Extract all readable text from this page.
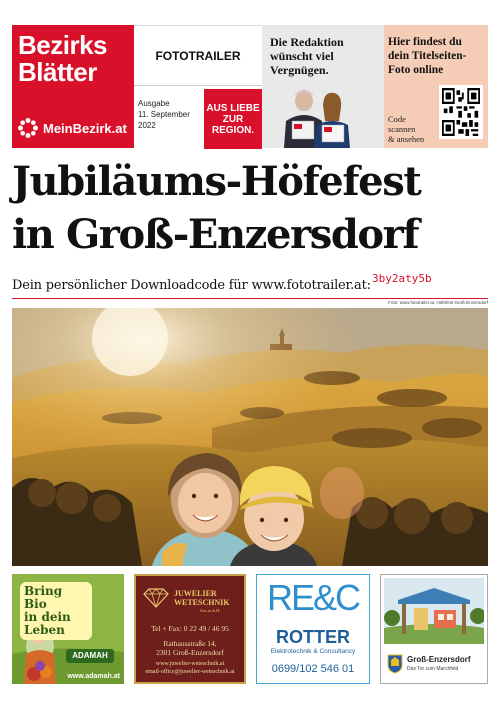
Bezirks
Blätter
MeinBezirk.at
FOTOTRAILER
Ausgabe
11. September
2022
AUS LIEBE
ZUR
REGION.
Die Redaktion
wünscht viel
Vergnügen.
Hier findest du
dein Titelseiten-
Foto online
Code
scannen
& ansehen
Jubiläums-Höfefest
in Groß-Enzersdorf
Dein persönlicher Downloadcode für www.fototrailer.at: 3by2aty5b
Foto: www.fototrailer.at, Höfefest Groß-Enzersdorf
Bring Bio
in dein
Leben
ADAMAH
www.adamah.at
JUWELIER
WETESCHNIK
Ges.m.b.H.
Tel + Fax: 0 22 49 / 46 95
Rathausstraße 14,
2301 Groß-Enzersdorf
www.juwelier-weteschnik.at
email-office@juwelier-weteschnik.at
RE&C
ROTTER
Elektrotechnik & Consultancy
0699/102 546 01
Groß-Enzersdorf
Das Tor zum Marchfeld
